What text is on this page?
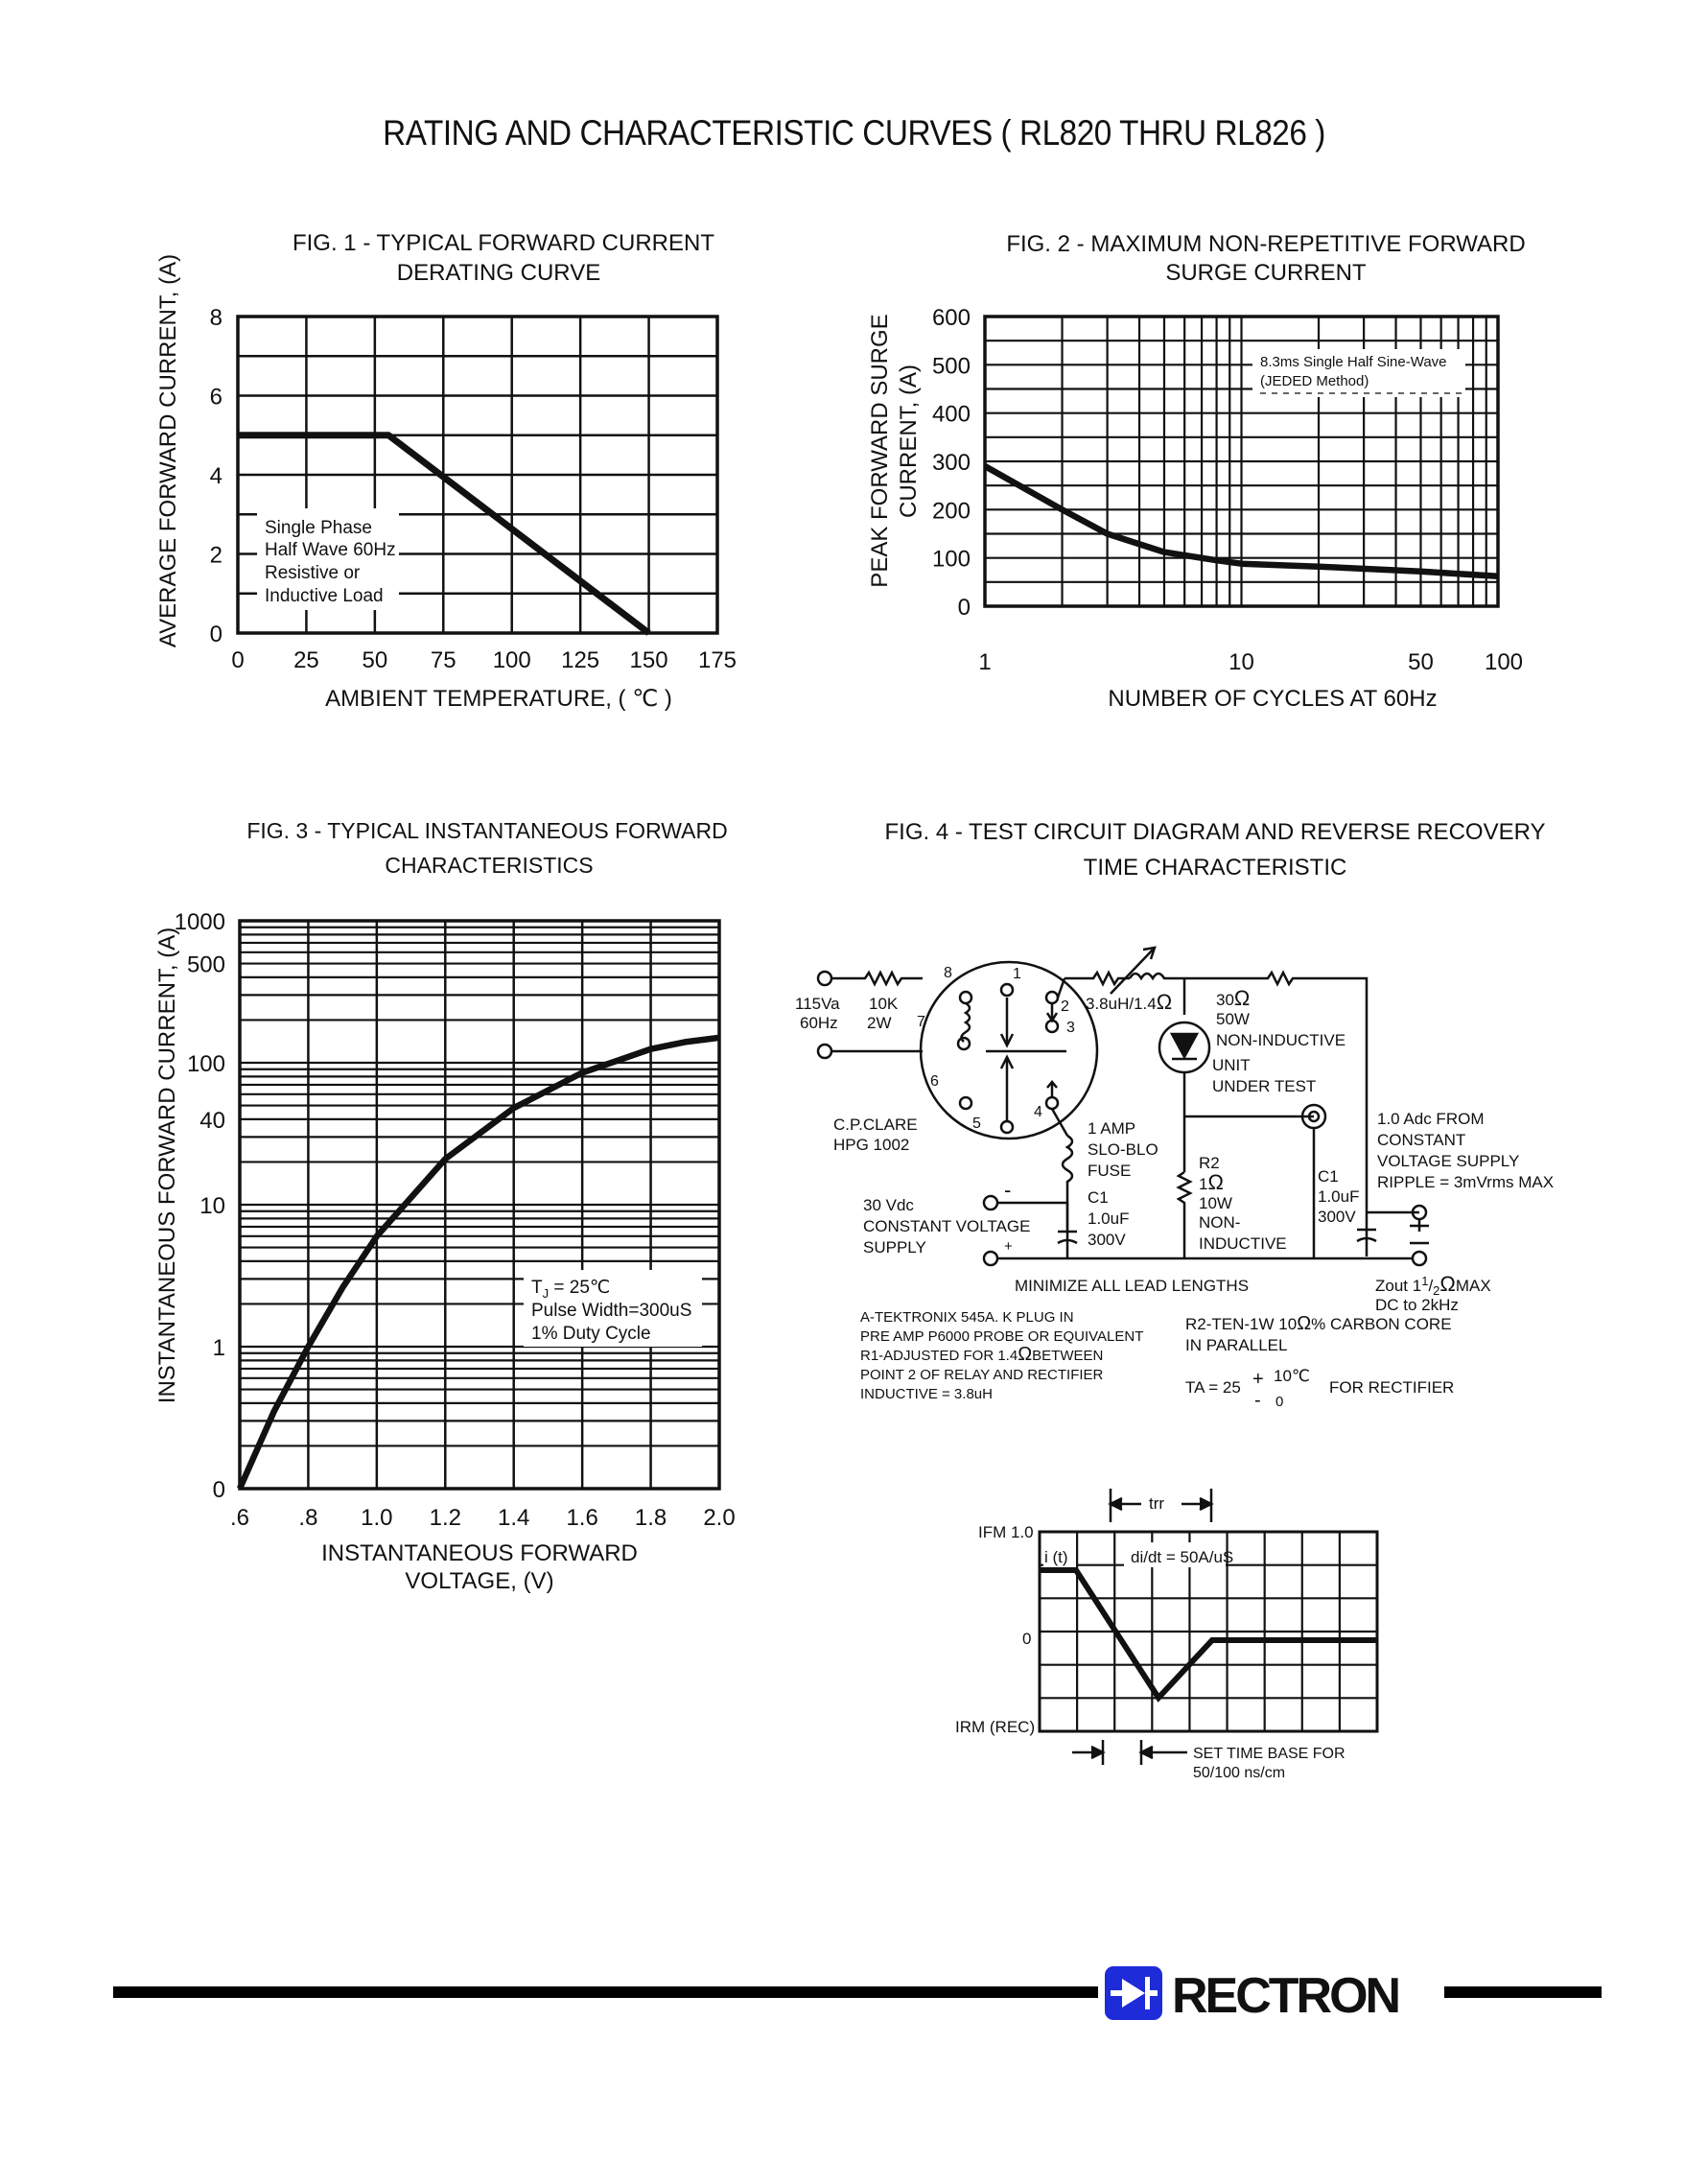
RATING AND CHARACTERISTIC CURVES ( RL820 THRU RL826 )
FIG. 1 - TYPICAL FORWARD CURRENT
DERATING CURVE
0 25 50 75 100 125 150 175
0
2
4
6
8
Single Phase
Half Wave 60Hz
Resistive or
Inductive Load
AMBIENT TEMPERATURE, ( ℃ )
AVERAGE FORWARD CURRENT, (A)
FIG. 2 - MAXIMUM NON-REPETITIVE FORWARD
SURGE CURRENT
1	10	50 100
0
100
200
300
400
500
600
8.3ms Single Half Sine-Wave
(JEDED Method)
NUMBER OF CYCLES AT 60Hz
PEAK FORWARD SURGE CURRENT, (A)
FIG. 3 - TYPICAL INSTANTANEOUS FORWARD
CHARACTERISTICS
.6 .8 1.0 1.2 1.4 1.6 1.8 2.0
0
1
10
40
100
500
1000
$T_J$ = 25℃
Pulse Width=300uS
1% Duty Cycle
INSTANTANEOUS FORWARD
VOLTAGE, (V)
INSTANTANEOUS FORWARD CURRENT, (A)
FIG. 4 - TEST CIRCUIT DIAGRAM AND REVERSE RECOVERY
TIME CHARACTERISTIC
8	1
2
3
7
6
5
4
115Va
60Hz
10K
2W
3.8uH/1.4Ω	30Ω
50W
NON-INDUCTIVE
UNIT
UNDER TEST
C.P.CLARE
HPG 1002
1 AMP
SLO-BLO
FUSE
30 Vdc
CONSTANT VOLTAGE
SUPPLY
-
+
C1
1.0uF
300V
R2
1Ω
10W
NON-
INDUCTIVE
C1
1.0uF
300V
1.0 Adc FROM
CONSTANT
VOLTAGE SUPPLY
RIPPLE = 3mVrms MAX
MINIMIZE ALL LEAD LENGTHS	Zout $1^1/_2\Omega MAX$
DC to 2kHz
A-TEKTRONIX 545A. K PLUG IN
PRE AMP P6000 PROBE OR EQUIVALENT
R1-ADJUSTED FOR 1.4ΩBETWEEN
POINT 2 OF RELAY AND RECTIFIER
INDUCTIVE = 3.8uH
R2-TEN-1W 10Ω% CARBON CORE
IN PARALLEL
TA = 25 + 10℃
- 0
FOR RECTIFIER
i (t)	di/dt = 50A/uS
IFM 1.0
0
IRM (REC)
trr
SET TIME BASE FOR
50/100 ns/cm
RECTRON
